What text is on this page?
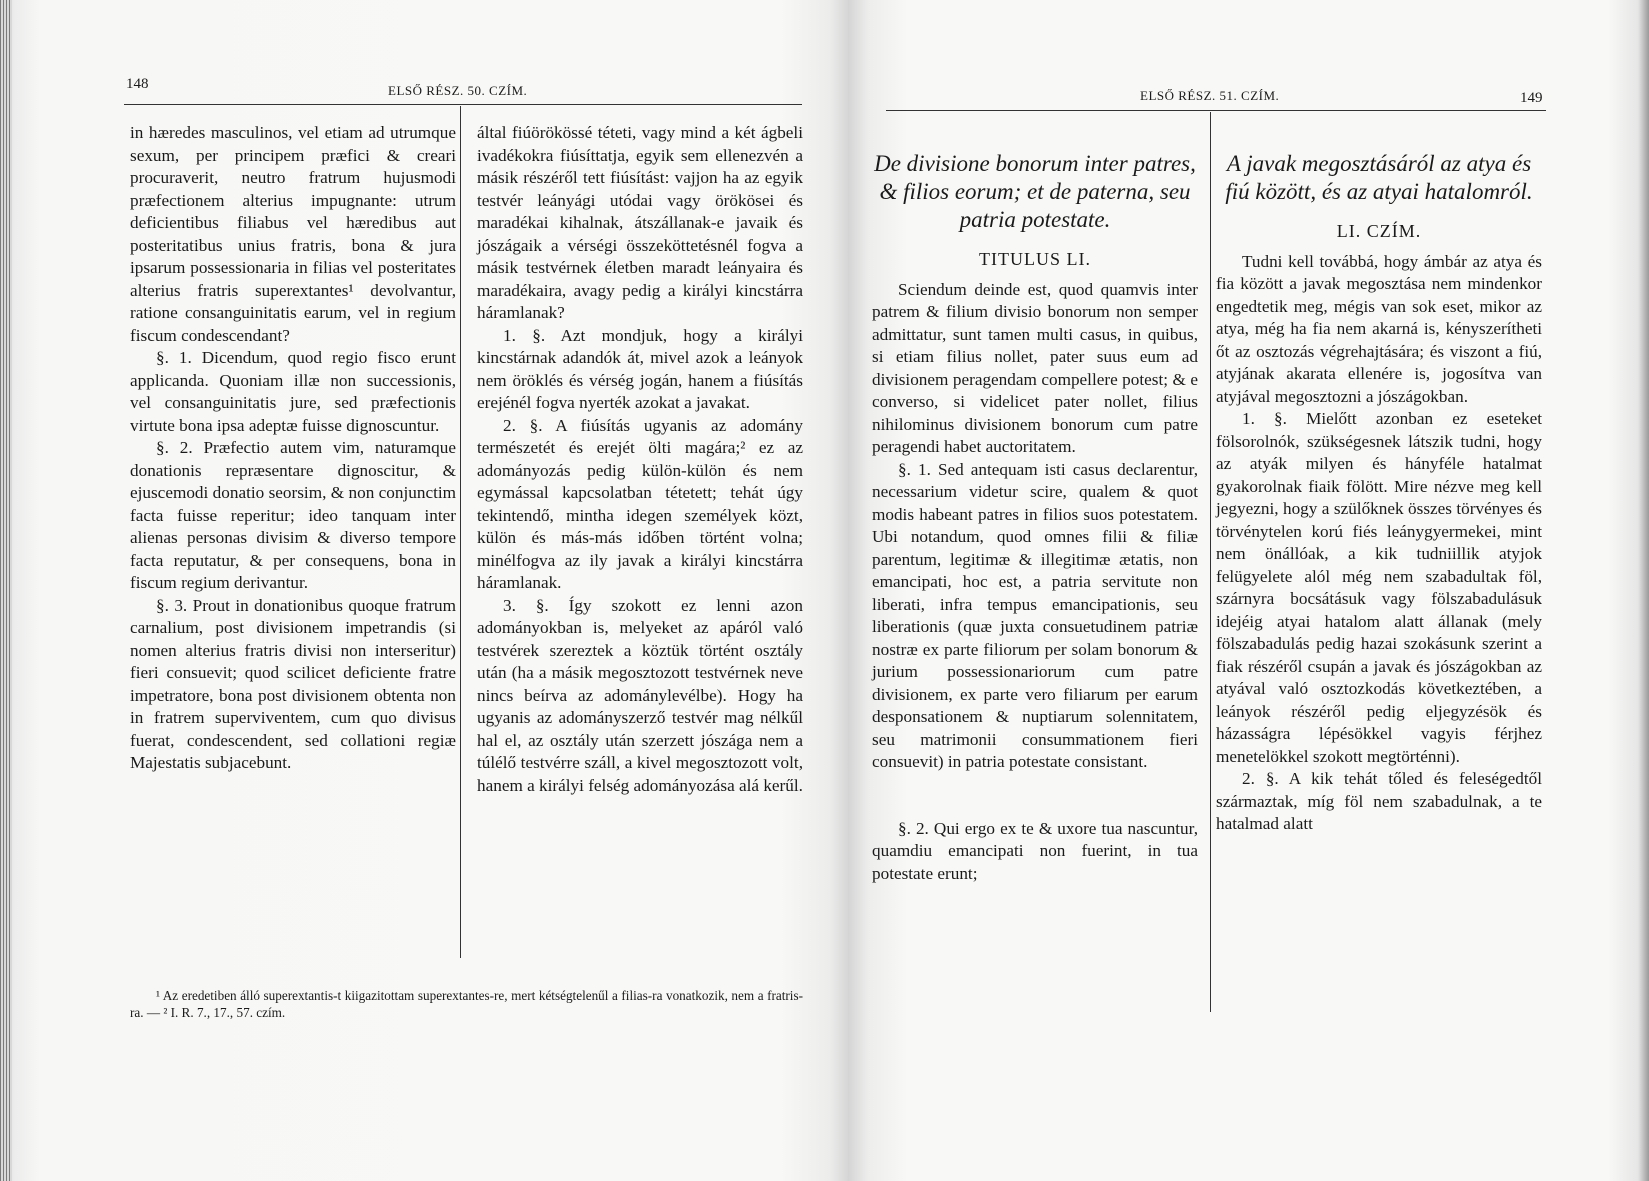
148	ELSŐ RÉSZ. 50. CZÍM.

in hæredes masculinos, vel etiam ad utrumque sexum, per principem præfici & creari procuraverit, neutro fratrum hujusmodi præfectionem alterius impugnante: utrum deficientibus filiabus vel hæredibus aut posteritatibus unius fratris, bona & jura ipsarum possessionaria in filias vel posteritates alterius fratris superextantes¹ devolvantur, ratione consanguinitatis earum, vel in regium fiscum condescendant?

§. 1. Dicendum, quod regio fisco erunt applicanda. Quoniam illæ non successionis, vel consanguinitatis jure, sed præfectionis virtute bona ipsa adeptæ fuisse dignoscuntur.

§. 2. Præfectio autem vim, naturamque donationis repræsentare dignoscitur, & ejuscemodi donatio seorsim, & non conjunctim facta fuisse reperitur; ideo tanquam inter alienas personas divisim & diverso tempore facta reputatur, & per consequens, bona in fiscum regium derivantur.

§. 3. Prout in donationibus quoque fratrum carnalium, post divisionem impetrandis (si nomen alterius fratris divisi non interseritur) fieri consuevit; quod scilicet deficiente fratre impetratore, bona post divisionem obtenta non in fratrem superviventem, cum quo divisus fuerat, condescendent, sed collationi regiæ Majestatis subjacebunt.

által fiúörökössé téteti, vagy mind a két ágbeli ivadékokra fiúsíttatja, egyik sem ellenezvén a másik részéről tett fiúsítást: vajjon ha az egyik testvér leányági utódai vagy örökösei és maradékai kihalnak, átszállanak-e javaik és jószágaik a vérségi összeköttetésnél fogva a másik testvérnek életben maradt leányaira és maradékaira, avagy pedig a királyi kincstárra háramlanak?

1. §. Azt mondjuk, hogy a királyi kincstárnak adandók át, mivel azok a leányok nem öröklés és vérség jogán, hanem a fiúsítás erejénél fogva nyerték azokat a javakat.

2. §. A fiúsítás ugyanis az adomány természetét és erejét ölti magára;² ez az adományozás pedig külön-külön és nem egymással kapcsolatban tétetett; tehát úgy tekintendő, mintha idegen személyek közt, külön és más-más időben történt volna; minélfogva az ily javak a királyi kincstárra háramlanak.

3. §. Így szokott ez lenni azon adományokban is, melyeket az apáról való testvérek szereztek a köztük történt osztály után (ha a másik megosztozott testvérnek neve nincs beírva az adománylevélbe). Hogy ha ugyanis az adományszerző testvér mag nélkűl hal el, az osztály után szerzett jószága nem a túlélő testvérre száll, a kivel megosztozott volt, hanem a királyi felség adományozása alá kerűl.

¹ Az eredetiben álló superextantis-t kiigazitottam superextantes-re, mert kétségtelenűl a filias-ra vonatkozik, nem a fratris-ra. — ² I. R. 7., 17., 57. czím.

ELSŐ RÉSZ. 51. CZÍM.	149
De divisione bonorum inter patres, & filios eorum; et de paterna, seu patria potestate.
TITULUS LI.

Sciendum deinde est, quod quamvis inter patrem & filium divisio bonorum non semper admittatur, sunt tamen multi casus, in quibus, si etiam filius nollet, pater suus eum ad divisionem peragendam compellere potest; & e converso, si videlicet pater nollet, filius nihilominus divisionem bonorum cum patre peragendi habet auctoritatem.

§. 1. Sed antequam isti casus declarentur, necessarium videtur scire, qualem & quot modis habeant patres in filios suos potestatem. Ubi notandum, quod omnes filii & filiæ parentum, legitimæ & illegitimæ ætatis, non emancipati, hoc est, a patria servitute non liberati, infra tempus emancipationis, seu liberationis (quæ juxta consuetudinem patriæ nostræ ex parte filiorum per solam bonorum & jurium possessionariorum cum patre divisionem, ex parte vero filiarum per earum desponsationem & nuptiarum solennitatem, seu matrimonii consummationem fieri consuevit) in patria potestate consistant.

§. 2. Qui ergo ex te & uxore tua nascuntur, quamdiu emancipati non fuerint, in tua potestate erunt;

A javak megosztásáról az atya és fiú között, és az atyai hatalomról.
LI. CZÍM.

Tudni kell továbbá, hogy ámbár az atya és fia között a javak megosztása nem mindenkor engedtetik meg, mégis van sok eset, mikor az atya, még ha fia nem akarná is, kényszerítheti őt az osztozás végrehajtására; és viszont a fiú, atyjának akarata ellenére is, jogosítva van atyjával megosztozni a jószágokban.

1. §. Mielőtt azonban ez eseteket fölsorolnók, szükségesnek látszik tudni, hogy az atyák milyen és hányféle hatalmat gyakorolnak fiaik fölött. Mire nézve meg kell jegyezni, hogy a szülőknek összes törvényes és törvénytelen korú fiés leánygyermekei, mint nem önállóak, a kik tudniillik atyjok felügyelete alól még nem szabadultak föl, szárnyra bocsátásuk vagy fölszabadulásuk idejéig atyai hatalom alatt állanak (mely fölszabadulás pedig hazai szokásunk szerint a fiak részéről csupán a javak és jószágokban az atyával való osztozkodás következtében, a leányok részéről pedig eljegyzésök és házasságra lépésökkel vagyis férjhez menetelökkel szokott megtörténni).

2. §. A kik tehát tőled és feleségedtől származtak, míg föl nem szabadulnak, a te hatalmad alatt
